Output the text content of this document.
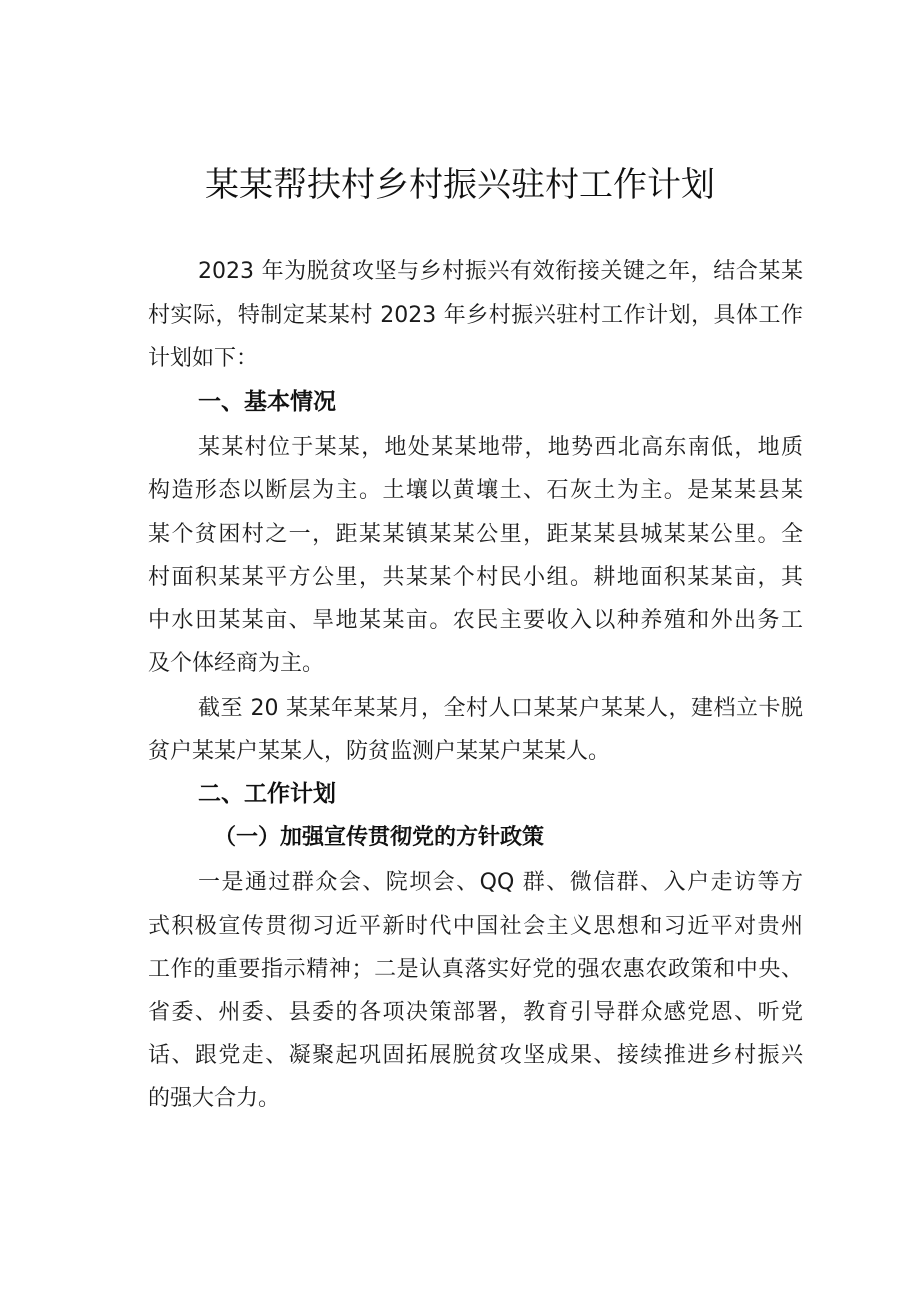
某某帮扶村乡村振兴驻村工作计划
2023 年为脱贫攻坚与乡村振兴有效衔接关键之年，结合某某
村实际，特制定某某村 2023 年乡村振兴驻村工作计划，具体工作
计划如下：
一、基本情况
某某村位于某某，地处某某地带，地势西北高东南低，地质
构造形态以断层为主。土壤以黄壤土、石灰土为主。是某某县某
某个贫困村之一，距某某镇某某公里，距某某县城某某公里。全
村面积某某平方公里，共某某个村民小组。耕地面积某某亩，其
中水田某某亩、旱地某某亩。农民主要收入以种养殖和外出务工
及个体经商为主。
截至 20 某某年某某月，全村人口某某户某某人，建档立卡脱
贫户某某户某某人，防贫监测户某某户某某人。
二、工作计划
（一）加强宣传贯彻党的方针政策
一是通过群众会、院坝会、QQ 群、微信群、入户走访等方
式积极宣传贯彻习近平新时代中国社会主义思想和习近平对贵州
工作的重要指示精神；二是认真落实好党的强农惠农政策和中央、
省委、州委、县委的各项决策部署，教育引导群众感党恩、听党
话、跟党走、凝聚起巩固拓展脱贫攻坚成果、接续推进乡村振兴
的强大合力。
